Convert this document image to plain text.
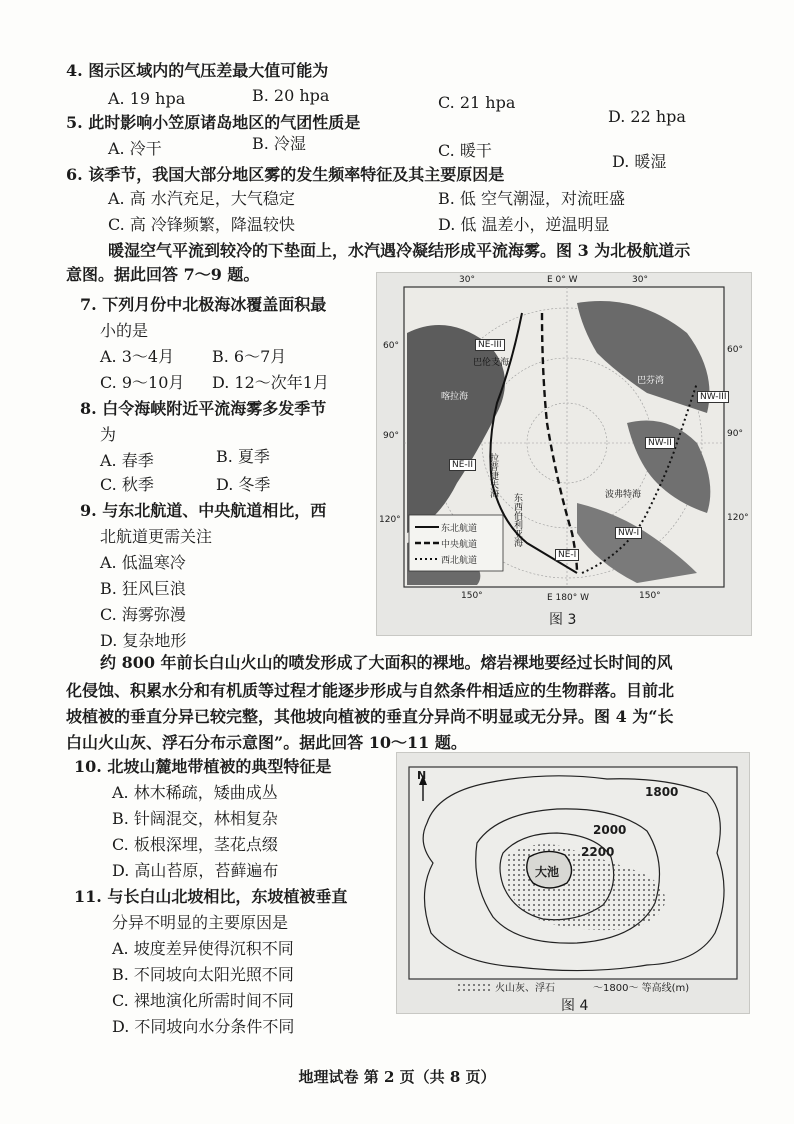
4. 图示区域内的气压差最大值可能为
A. 19 hpa	B. 20 hpa	C. 21 hpa
D. 22 hpa
5. 此时影响小笠原诸岛地区的气团性质是
A. 冷干	B. 冷湿	C. 暖干
D. 暖湿
6. 该季节，我国大部分地区雾的发生频率特征及其主要原因是
A. 高 水汽充足，大气稳定	B. 低 空气潮湿，对流旺盛
C. 高 冷锋频繁，降温较快	D. 低 温差小，逆温明显
暖湿空气平流到较冷的下垫面上，水汽遇冷凝结形成平流海雾。图 3 为北极航道示
意图。据此回答 7～9 题。
7. 下列月份中北极海冰覆盖面积最
小的是
A. 3～4月 B. 6～7月
C. 9～10月 D. 12～次年1月
8. 白令海峡附近平流海雾多发季节
为
A. 春季	B. 夏季
C. 秋季	D. 冬季
9. 与东北航道、中央航道相比，西
北航道更需关注
A. 低温寒冷
B. 狂风巨浪
C. 海雾弥漫
D. 复杂地形
E 0° W
30°	30°
60°	60°
90°	90°
120°	120°
E 180° W
150°	150°
NE-III
NE-II
NE-I
NW-III
NW-II
NW-I
巴伦支海
喀拉海
拉普捷夫海
东西伯利亚海	波弗特海
巴芬湾
东北航道
中央航道
西北航道
图 3
约 800 年前长白山火山的喷发形成了大面积的裸地。熔岩裸地要经过长时间的风
化侵蚀、积累水分和有机质等过程才能逐步形成与自然条件相适应的生物群落。目前北
坡植被的垂直分异已较完整，其他坡向植被的垂直分异尚不明显或无分异。图 4 为“长
白山火山灰、浮石分布示意图”。据此回答 10～11 题。
10. 北坡山麓地带植被的典型特征是
A. 林木稀疏，矮曲成丛
B. 针阔混交，林相复杂
C. 板根深埋，茎花点缀
D. 高山苔原，苔藓遍布
11. 与长白山北坡相比，东坡植被垂直
分异不明显的主要原因是
A. 坡度差异使得沉积不同
B. 不同坡向太阳光照不同
C. 裸地演化所需时间不同
D. 不同坡向水分条件不同
N
1800
2000
2200
大池
火山灰、浮石	～1800～ 等高线(m)
图 4
地理试卷 第 2 页（共 8 页）
